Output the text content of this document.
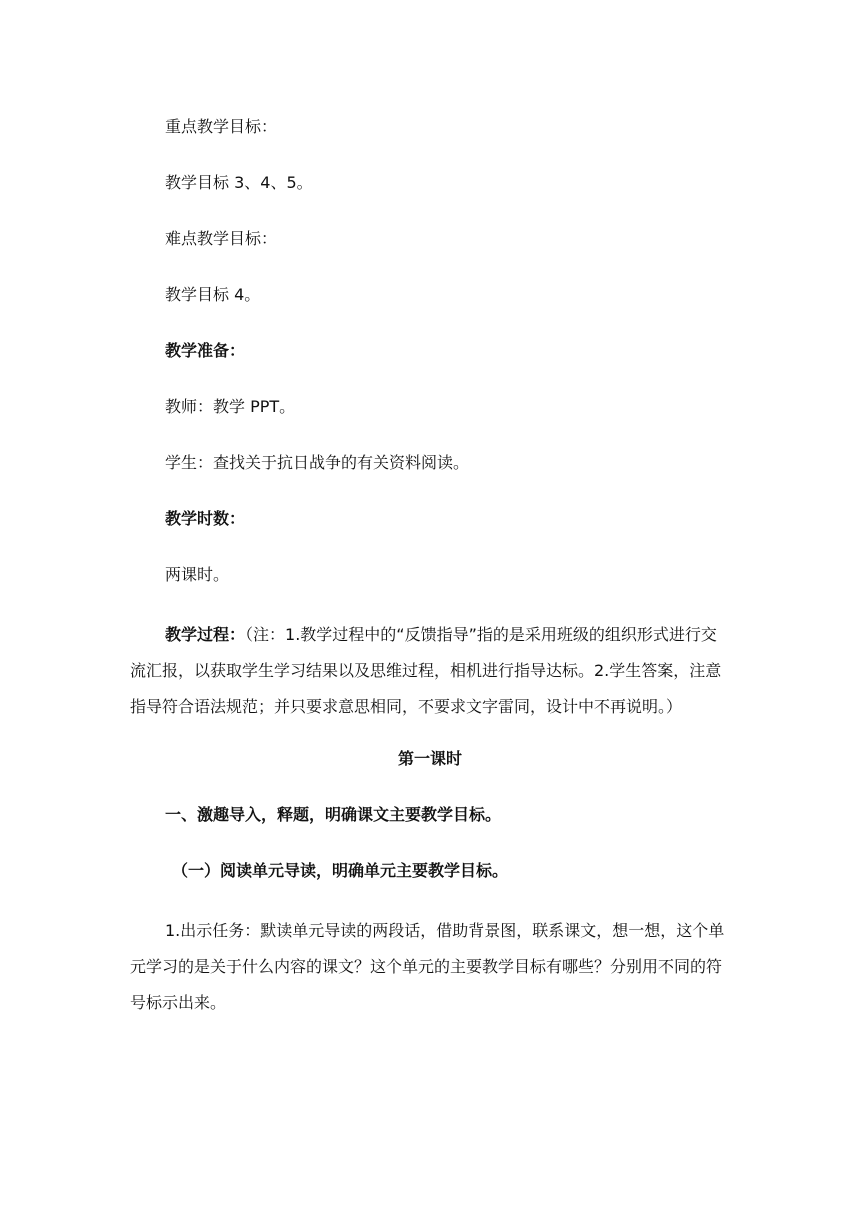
重点教学目标：

教学目标 3、4、5。

难点教学目标：

教学目标 4。

教学准备：

教师：教学 PPT。

学生：查找关于抗日战争的有关资料阅读。

教学时数：

两课时。

教学过程：（注：1.教学过程中的“反馈指导”指的是采用班级的组织形式进行交流汇报，以获取学生学习结果以及思维过程，相机进行指导达标。2.学生答案，注意指导符合语法规范；并只要求意思相同，不要求文字雷同，设计中不再说明。）

第一课时

一、激趣导入，释题，明确课文主要教学目标。

（一）阅读单元导读，明确单元主要教学目标。

1.出示任务：默读单元导读的两段话，借助背景图，联系课文，想一想，这个单元学习的是关于什么内容的课文？这个单元的主要教学目标有哪些？分别用不同的符号标示出来。
